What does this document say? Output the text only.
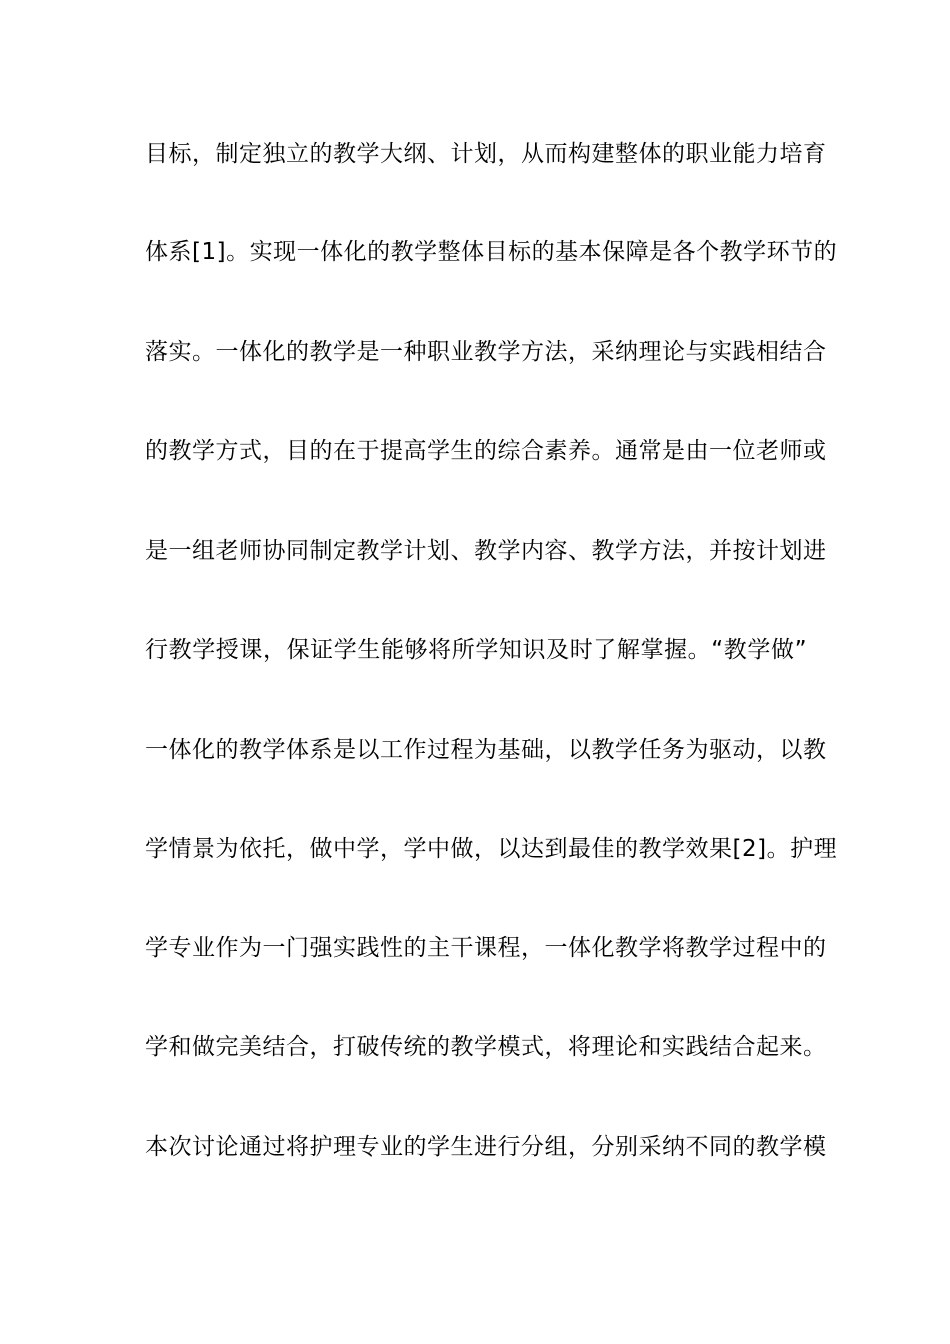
目标，制定独立的教学大纲、计划，从而构建整体的职业能力培育
体系[1]。实现一体化的教学整体目标的基本保障是各个教学环节的
落实。一体化的教学是一种职业教学方法，采纳理论与实践相结合
的教学方式，目的在于提高学生的综合素养。通常是由一位老师或
是一组老师协同制定教学计划、教学内容、教学方法，并按计划进
行教学授课，保证学生能够将所学知识及时了解掌握。“教学做”
一体化的教学体系是以工作过程为基础，以教学任务为驱动，以教
学情景为依托，做中学，学中做，以达到最佳的教学效果[2]。护理
学专业作为一门强实践性的主干课程，一体化教学将教学过程中的
学和做完美结合，打破传统的教学模式，将理论和实践结合起来。
本次讨论通过将护理专业的学生进行分组，分别采纳不同的教学模
